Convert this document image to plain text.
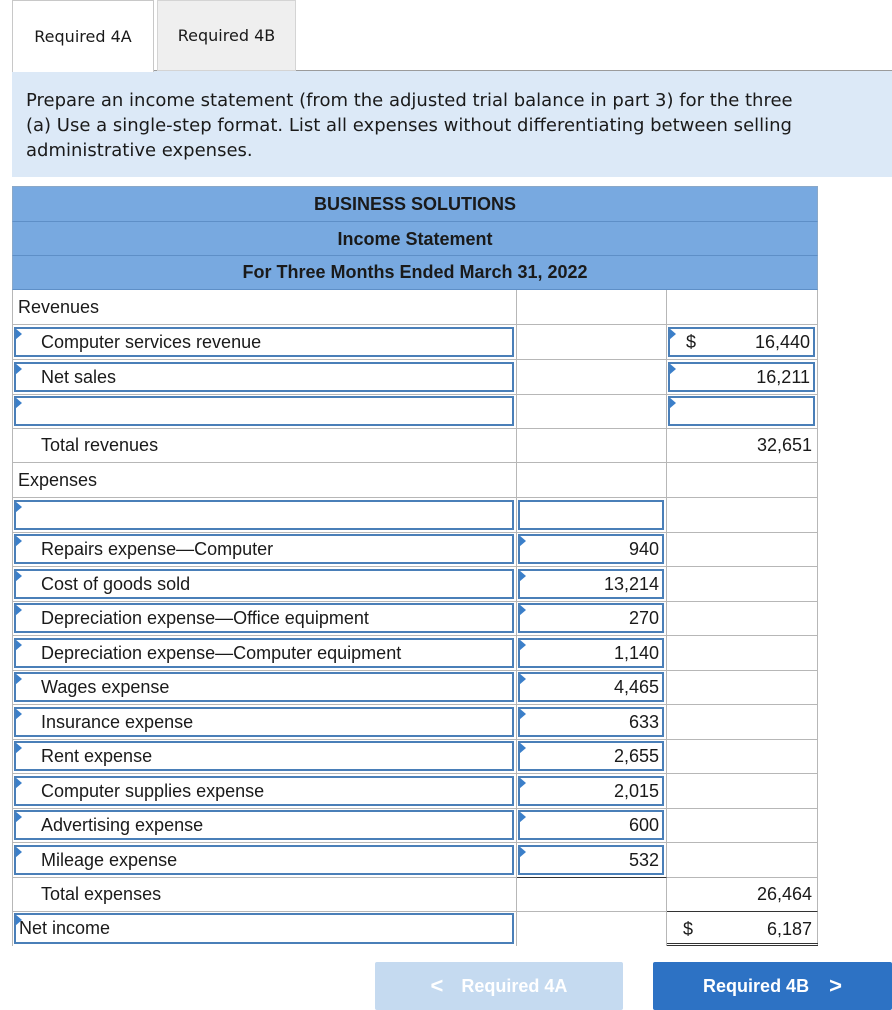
Required 4A	Required 4B
Prepare an income statement (from the adjusted trial balance in part 3) for the three
(a) Use a single-step format. List all expenses without differentiating between selling
administrative expenses.
BUSINESS SOLUTIONS
Income Statement
For Three Months Ended March 31, 2022
Revenues
Computer services revenue	$	16,440
Net sales	16,211
Total revenues	32,651
Expenses
Repairs expense—Computer	940
Cost of goods sold	13,214
Depreciation expense—Office equipment	270
Depreciation expense—Computer equipment	1,140
Wages expense	4,465
Insurance expense	633
Rent expense	2,655
Computer supplies expense	2,015
Advertising expense	600
Mileage expense	532
Total expenses	26,464
Net income	$	6,187
< Required 4A	Required 4B >
